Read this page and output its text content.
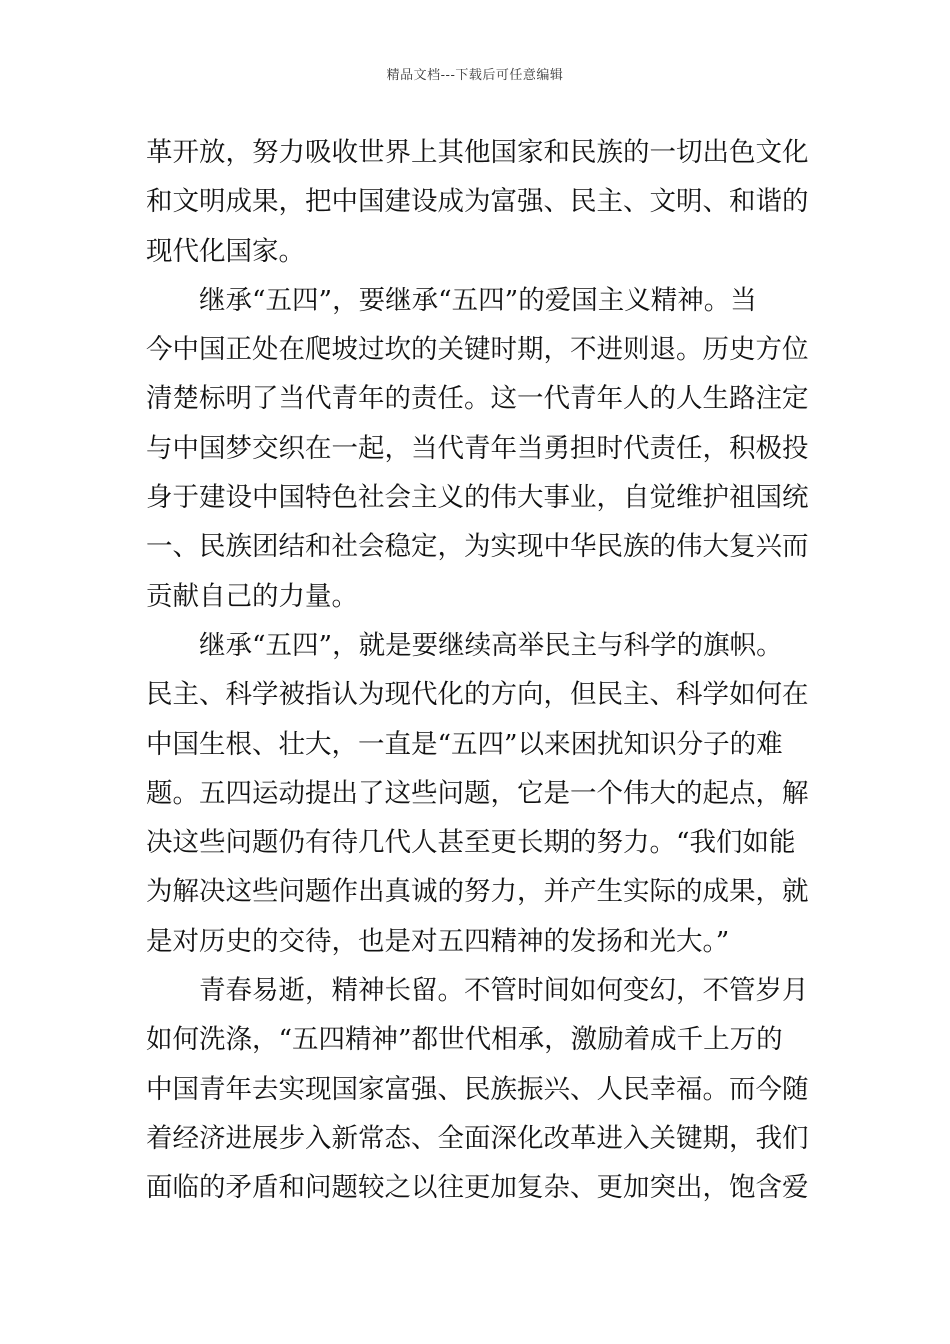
精品文档---下载后可任意编辑
革开放，努力吸收世界上其他国家和民族的一切出色文化
和文明成果，把中国建设成为富强、民主、文明、和谐的
现代化国家。
继承“五四”，要继承“五四”的爱国主义精神。当
今中国正处在爬坡过坎的关键时期，不进则退。历史方位
清楚标明了当代青年的责任。这一代青年人的人生路注定
与中国梦交织在一起，当代青年当勇担时代责任，积极投
身于建设中国特色社会主义的伟大事业，自觉维护祖国统
一、民族团结和社会稳定，为实现中华民族的伟大复兴而
贡献自己的力量。
继承“五四”，就是要继续高举民主与科学的旗帜。
民主、科学被指认为现代化的方向，但民主、科学如何在
中国生根、壮大，一直是“五四”以来困扰知识分子的难
题。五四运动提出了这些问题，它是一个伟大的起点，解
决这些问题仍有待几代人甚至更长期的努力。“我们如能
为解决这些问题作出真诚的努力，并产生实际的成果，就
是对历史的交待，也是对五四精神的发扬和光大。”
青春易逝，精神长留。不管时间如何变幻，不管岁月
如何洗涤，“五四精神”都世代相承，激励着成千上万的
中国青年去实现国家富强、民族振兴、人民幸福。而今随
着经济进展步入新常态、全面深化改革进入关键期，我们
面临的矛盾和问题较之以往更加复杂、更加突出，饱含爱
